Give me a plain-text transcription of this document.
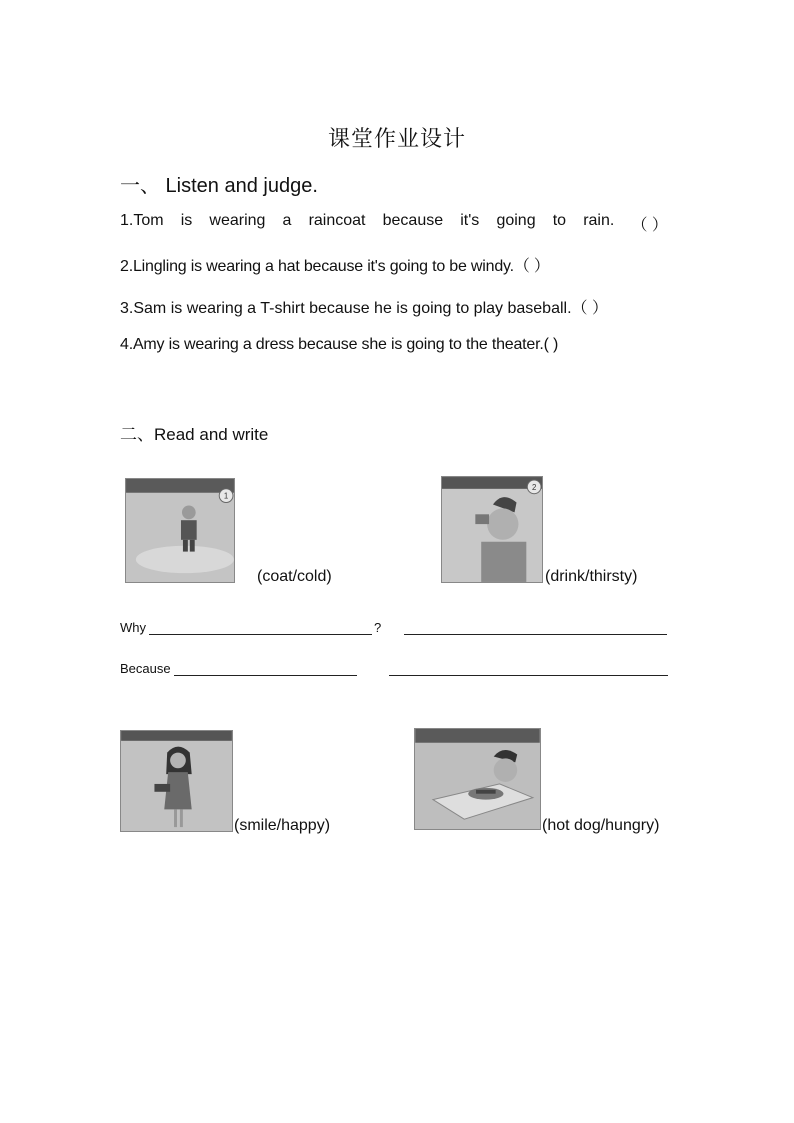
课堂作业设计
一、 Listen and judge.
1.Tom is wearing a raincoat because it's going to rain. （ ）
2.Lingling is wearing a hat because it's going to be windy.（ ）
3.Sam is wearing a T-shirt because he is going to play baseball.（ ）
4.Amy is wearing a dress because she is going to the theater.( )
二、Read and write
1
(coat/cold)
2
(drink/thirsty)
Why	?
Because
(smile/happy)	(hot dog/hungry)
